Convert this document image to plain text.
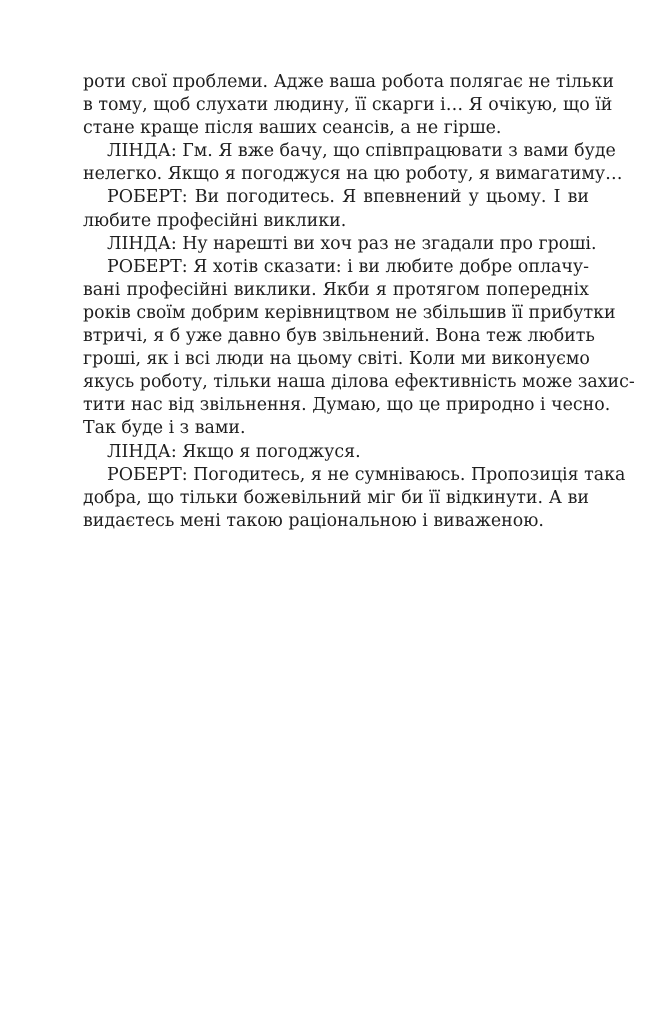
роти свої проблеми. Адже ваша робота полягає не тільки
в тому, щоб слухати людину, її скарги і… Я очікую, що їй
стане краще після ваших сеансів, а не гірше.
ЛІНДА: Гм. Я вже бачу, що співпрацювати з вами буде
нелегко. Якщо я погоджуся на цю роботу, я вимагатиму…
РОБЕРТ: Ви погодитесь. Я впевнений у цьому. І ви
любите професійні виклики.
ЛІНДА: Ну нарешті ви хоч раз не згадали про гроші.
РОБЕРТ: Я хотів сказати: і ви любите добре оплачу-
вані професійні виклики. Якби я протягом попередніх
років своїм добрим керівництвом не збільшив її прибутки
втричі, я б уже давно був звільнений. Вона теж любить
гроші, як і всі люди на цьому світі. Коли ми виконуємо
якусь роботу, тільки наша ділова ефективність може захис-
тити нас від звільнення. Думаю, що це природно і чесно.
Так буде і з вами.
ЛІНДА: Якщо я погоджуся.
РОБЕРТ: Погодитесь, я не сумніваюсь. Пропозиція така
добра, що тільки божевільний міг би її відкинути. А ви
видаєтесь мені такою раціональною і виваженою.
